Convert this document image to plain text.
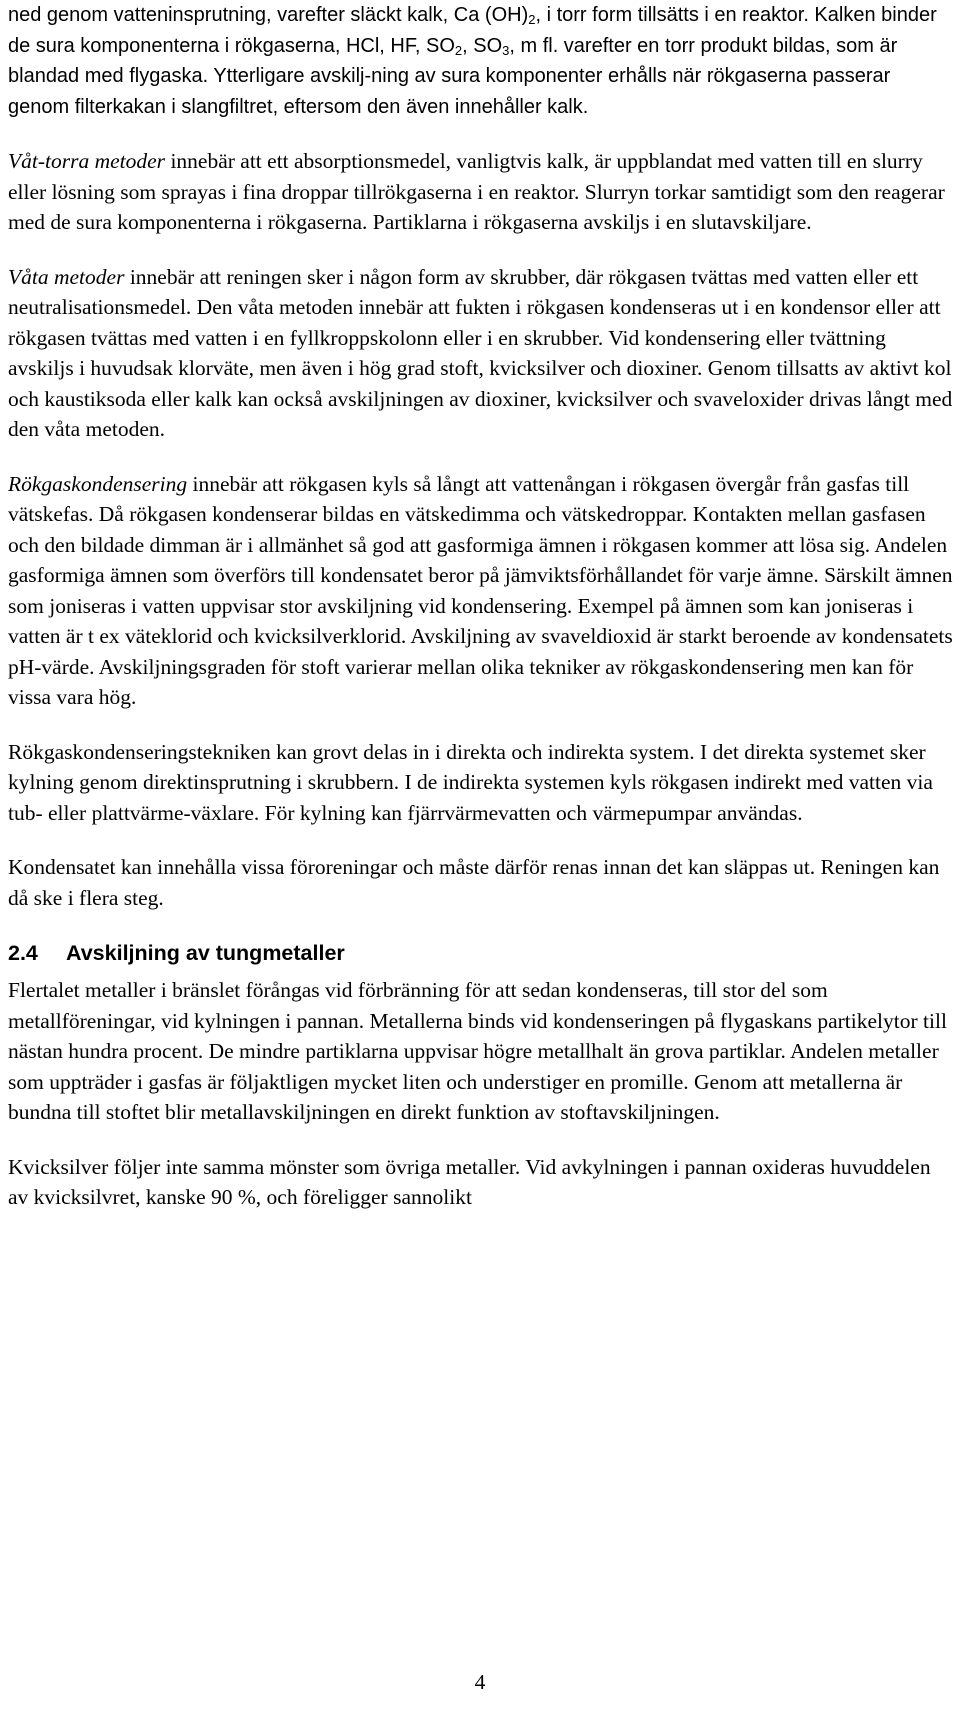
ned genom vatteninsprutning, varefter släckt kalk, Ca $(OH)_2$, i torr form tillsätts i en reaktor. Kalken binder de sura komponenterna i rökgaserna, HCl, HF, $SO_2$, $SO_3$, m fl. varefter en torr produkt bildas, som är blandad med flygaska. Ytterligare avskilj-ning av sura komponenter erhålls när rökgaserna passerar genom filterkakan i slangfiltret, eftersom den även innehåller kalk.

Våt-torra metoder innebär att ett absorptionsmedel, vanligtvis kalk, är uppblandat med vatten till en slurry eller lösning som sprayas i fina droppar tillrökgaserna i en reaktor. Slurryn torkar samtidigt som den reagerar med de sura komponenterna i rökgaserna. Partiklarna i rökgaserna avskiljs i en slutavskiljare.

Våta metoder innebär att reningen sker i någon form av skrubber, där rökgasen tvättas med vatten eller ett neutralisationsmedel. Den våta metoden innebär att fukten i rökgasen kondenseras ut i en kondensor eller att rökgasen tvättas med vatten i en fyllkroppskolonn eller i en skrubber. Vid kondensering eller tvättning avskiljs i huvudsak klorväte, men även i hög grad stoft, kvicksilver och dioxiner. Genom tillsatts av aktivt kol och kaustiksoda eller kalk kan också avskiljningen av dioxiner, kvicksilver och svaveloxider drivas långt med den våta metoden.

Rökgaskondensering innebär att rökgasen kyls så långt att vattenångan i rökgasen övergår från gasfas till vätskefas. Då rökgasen kondenserar bildas en vätskedimma och vätskedroppar. Kontakten mellan gasfasen och den bildade dimman är i allmänhet så god att gasformiga ämnen i rökgasen kommer att lösa sig. Andelen gasformiga ämnen som överförs till kondensatet beror på jämviktsförhållandet för varje ämne. Särskilt ämnen som joniseras i vatten uppvisar stor avskiljning vid kondensering. Exempel på ämnen som kan joniseras i vatten är t ex väteklorid och kvicksilverklorid. Avskiljning av svaveldioxid är starkt beroende av kondensatets pH-värde. Avskiljningsgraden för stoft varierar mellan olika tekniker av rökgaskondensering men kan för vissa vara hög.

Rökgaskondenseringstekniken kan grovt delas in i direkta och indirekta system. I det direkta systemet sker kylning genom direktinsprutning i skrubbern. I de indirekta systemen kyls rökgasen indirekt med vatten via tub- eller plattvärme-växlare. För kylning kan fjärrvärmevatten och värmepumpar användas.

Kondensatet kan innehålla vissa föroreningar och måste därför renas innan det kan släppas ut. Reningen kan då ske i flera steg.

2.4 Avskiljning av tungmetaller

Flertalet metaller i bränslet förångas vid förbränning för att sedan kondenseras, till stor del som metallföreningar, vid kylningen i pannan. Metallerna binds vid kondenseringen på flygaskans partikelytor till nästan hundra procent. De mindre partiklarna uppvisar högre metallhalt än grova partiklar. Andelen metaller som uppträder i gasfas är följaktligen mycket liten och understiger en promille. Genom att metallerna är bundna till stoftet blir metallavskiljningen en direkt funktion av stoftavskiljningen.

Kvicksilver följer inte samma mönster som övriga metaller. Vid avkylningen i pannan oxideras huvuddelen av kvicksilvret, kanske 90 %, och föreligger sannolikt

4
